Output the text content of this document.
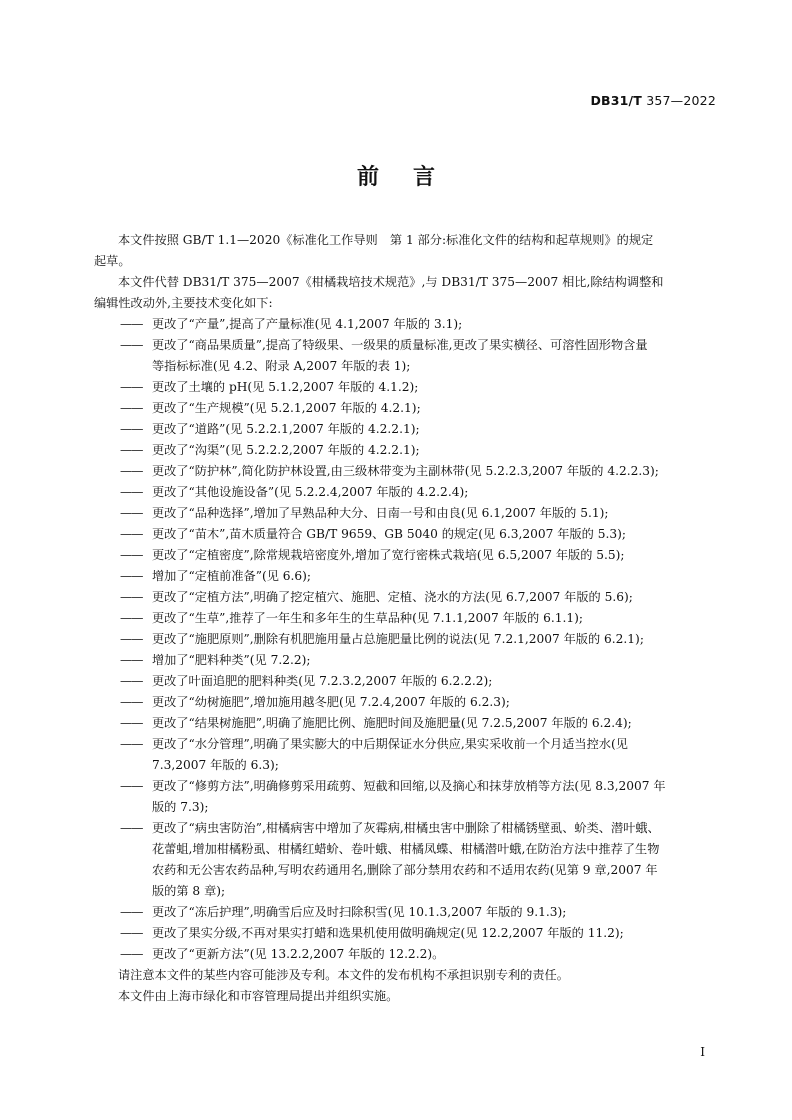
DB31/T 357—2022
前言
本文件按照 GB/T 1.1—2020《标准化工作导则　第 1 部分:标准化文件的结构和起草规则》的规定
起草。
本文件代替 DB31/T 375—2007《柑橘栽培技术规范》,与 DB31/T 375—2007 相比,除结构调整和
编辑性改动外,主要技术变化如下:
—— 更改了“产量”,提高了产量标准(见 4.1,2007 年版的 3.1);
—— 更改了“商品果质量”,提高了特级果、一级果的质量标准,更改了果实横径、可溶性固形物含量
等指标标准(见 4.2、附录 A,2007 年版的表 1);
—— 更改了土壤的 pH(见 5.1.2,2007 年版的 4.1.2);
—— 更改了“生产规模”(见 5.2.1,2007 年版的 4.2.1);
—— 更改了“道路”(见 5.2.2.1,2007 年版的 4.2.2.1);
—— 更改了“沟渠”(见 5.2.2.2,2007 年版的 4.2.2.1);
—— 更改了“防护林”,简化防护林设置,由三级林带变为主副林带(见 5.2.2.3,2007 年版的 4.2.2.3);
—— 更改了“其他设施设备”(见 5.2.2.4,2007 年版的 4.2.2.4);
—— 更改了“品种选择”,增加了早熟品种大分、日南一号和由良(见 6.1,2007 年版的 5.1);
—— 更改了“苗木”,苗木质量符合 GB/T 9659、GB 5040 的规定(见 6.3,2007 年版的 5.3);
—— 更改了“定植密度”,除常规栽培密度外,增加了宽行密株式栽培(见 6.5,2007 年版的 5.5);
—— 增加了“定植前准备”(见 6.6);
—— 更改了“定植方法”,明确了挖定植穴、施肥、定植、浇水的方法(见 6.7,2007 年版的 5.6);
—— 更改了“生草”,推荐了一年生和多年生的生草品种(见 7.1.1,2007 年版的 6.1.1);
—— 更改了“施肥原则”,删除有机肥施用量占总施肥量比例的说法(见 7.2.1,2007 年版的 6.2.1);
—— 增加了“肥料种类”(见 7.2.2);
—— 更改了叶面追肥的肥料种类(见 7.2.3.2,2007 年版的 6.2.2.2);
—— 更改了“幼树施肥”,增加施用越冬肥(见 7.2.4,2007 年版的 6.2.3);
—— 更改了“结果树施肥”,明确了施肥比例、施肥时间及施肥量(见 7.2.5,2007 年版的 6.2.4);
—— 更改了“水分管理”,明确了果实膨大的中后期保证水分供应,果实采收前一个月适当控水(见
7.3,2007 年版的 6.3);
—— 更改了“修剪方法”,明确修剪采用疏剪、短截和回缩,以及摘心和抹芽放梢等方法(见 8.3,2007 年
版的 7.3);
—— 更改了“病虫害防治”,柑橘病害中增加了灰霉病,柑橘虫害中删除了柑橘锈壁虱、蚧类、潜叶蛾、
花蕾蛆,增加柑橘粉虱、柑橘红蜡蚧、卷叶蛾、柑橘凤蝶、柑橘潜叶蛾,在防治方法中推荐了生物
农药和无公害农药品种,写明农药通用名,删除了部分禁用农药和不适用农药(见第 9 章,2007 年
版的第 8 章);
—— 更改了“冻后护理”,明确雪后应及时扫除积雪(见 10.1.3,2007 年版的 9.1.3);
—— 更改了果实分级,不再对果实打蜡和选果机使用做明确规定(见 12.2,2007 年版的 11.2);
—— 更改了“更新方法”(见 13.2.2,2007 年版的 12.2.2)。
请注意本文件的某些内容可能涉及专利。本文件的发布机构不承担识别专利的责任。
本文件由上海市绿化和市容管理局提出并组织实施。
I
